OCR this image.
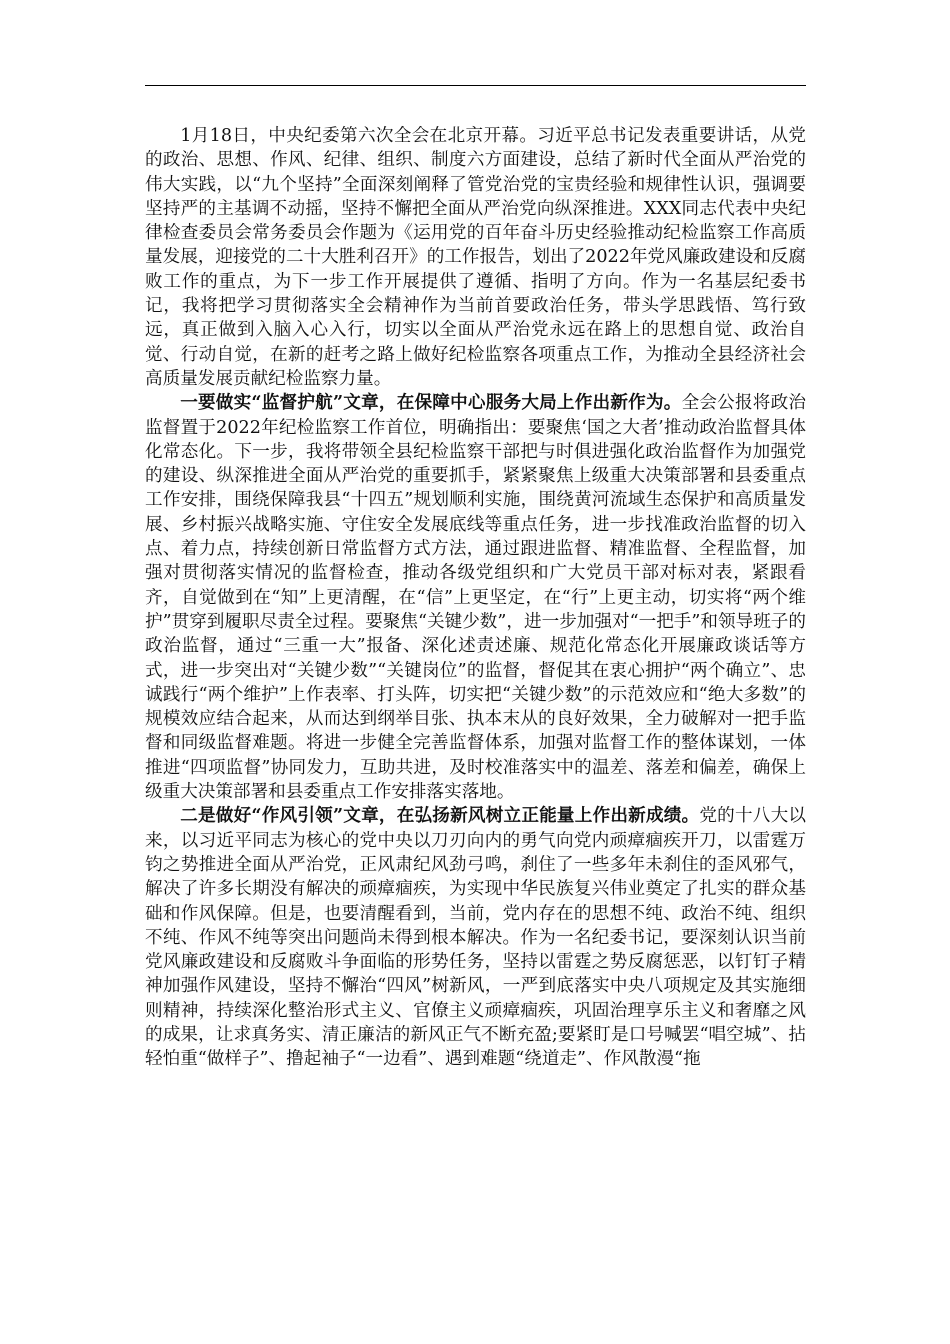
1月18日，中央纪委第六次全会在北京开幕。习近平总书记发表重要讲话，从党的政治、思想、作风、纪律、组织、制度六方面建设，总结了新时代全面从严治党的伟大实践，以“九个坚持”全面深刻阐释了管党治党的宝贵经验和规律性认识，强调要坚持严的主基调不动摇，坚持不懈把全面从严治党向纵深推进。XXX同志代表中央纪律检查委员会常务委员会作题为《运用党的百年奋斗历史经验推动纪检监察工作高质量发展，迎接党的二十大胜利召开》的工作报告，划出了2022年党风廉政建设和反腐败工作的重点，为下一步工作开展提供了遵循、指明了方向。作为一名基层纪委书记，我将把学习贯彻落实全会精神作为当前首要政治任务，带头学思践悟、笃行致远，真正做到入脑入心入行，切实以全面从严治党永远在路上的思想自觉、政治自觉、行动自觉，在新的赶考之路上做好纪检监察各项重点工作，为推动全县经济社会高质量发展贡献纪检监察力量。

一要做实“监督护航”文章，在保障中心服务大局上作出新作为。全会公报将政治监督置于2022年纪检监察工作首位，明确指出：要聚焦‘国之大者’推动政治监督具体化常态化。下一步，我将带领全县纪检监察干部把与时俱进强化政治监督作为加强党的建设、纵深推进全面从严治党的重要抓手，紧紧聚焦上级重大决策部署和县委重点工作安排，围绕保障我县“十四五”规划顺利实施，围绕黄河流域生态保护和高质量发展、乡村振兴战略实施、守住安全发展底线等重点任务，进一步找准政治监督的切入点、着力点，持续创新日常监督方式方法，通过跟进监督、精准监督、全程监督，加强对贯彻落实情况的监督检查，推动各级党组织和广大党员干部对标对表，紧跟看齐，自觉做到在“知”上更清醒，在“信”上更坚定，在“行”上更主动，切实将“两个维护”贯穿到履职尽责全过程。要聚焦“关键少数”，进一步加强对“一把手”和领导班子的政治监督，通过“三重一大”报备、深化述责述廉、规范化常态化开展廉政谈话等方式，进一步突出对“关键少数”“关键岗位”的监督，督促其在衷心拥护“两个确立”、忠诚践行“两个维护”上作表率、打头阵，切实把“关键少数”的示范效应和“绝大多数”的规模效应结合起来，从而达到纲举目张、执本末从的良好效果，全力破解对一把手监督和同级监督难题。将进一步健全完善监督体系，加强对监督工作的整体谋划，一体推进“四项监督”协同发力，互助共进，及时校准落实中的温差、落差和偏差，确保上级重大决策部署和县委重点工作安排落实落地。

二是做好“作风引领”文章，在弘扬新风树立正能量上作出新成绩。党的十八大以来，以习近平同志为核心的党中央以刀刃向内的勇气向党内顽瘴痼疾开刀，以雷霆万钧之势推进全面从严治党，正风肃纪风劲弓鸣，刹住了一些多年未刹住的歪风邪气，解决了许多长期没有解决的顽瘴痼疾，为实现中华民族复兴伟业奠定了扎实的群众基础和作风保障。但是，也要清醒看到，当前，党内存在的思想不纯、政治不纯、组织不纯、作风不纯等突出问题尚未得到根本解决。作为一名纪委书记，要深刻认识当前党风廉政建设和反腐败斗争面临的形势任务，坚持以雷霆之势反腐惩恶，以钉钉子精神加强作风建设，坚持不懈治“四风”树新风，一严到底落实中央八项规定及其实施细则精神，持续深化整治形式主义、官僚主义顽瘴痼疾，巩固治理享乐主义和奢靡之风的成果，让求真务实、清正廉洁的新风正气不断充盈;要紧盯是口号喊罢“唱空城”、拈轻怕重“做样子”、撸起袖子“一边看”、遇到难题“绕道走”、作风散漫“拖
